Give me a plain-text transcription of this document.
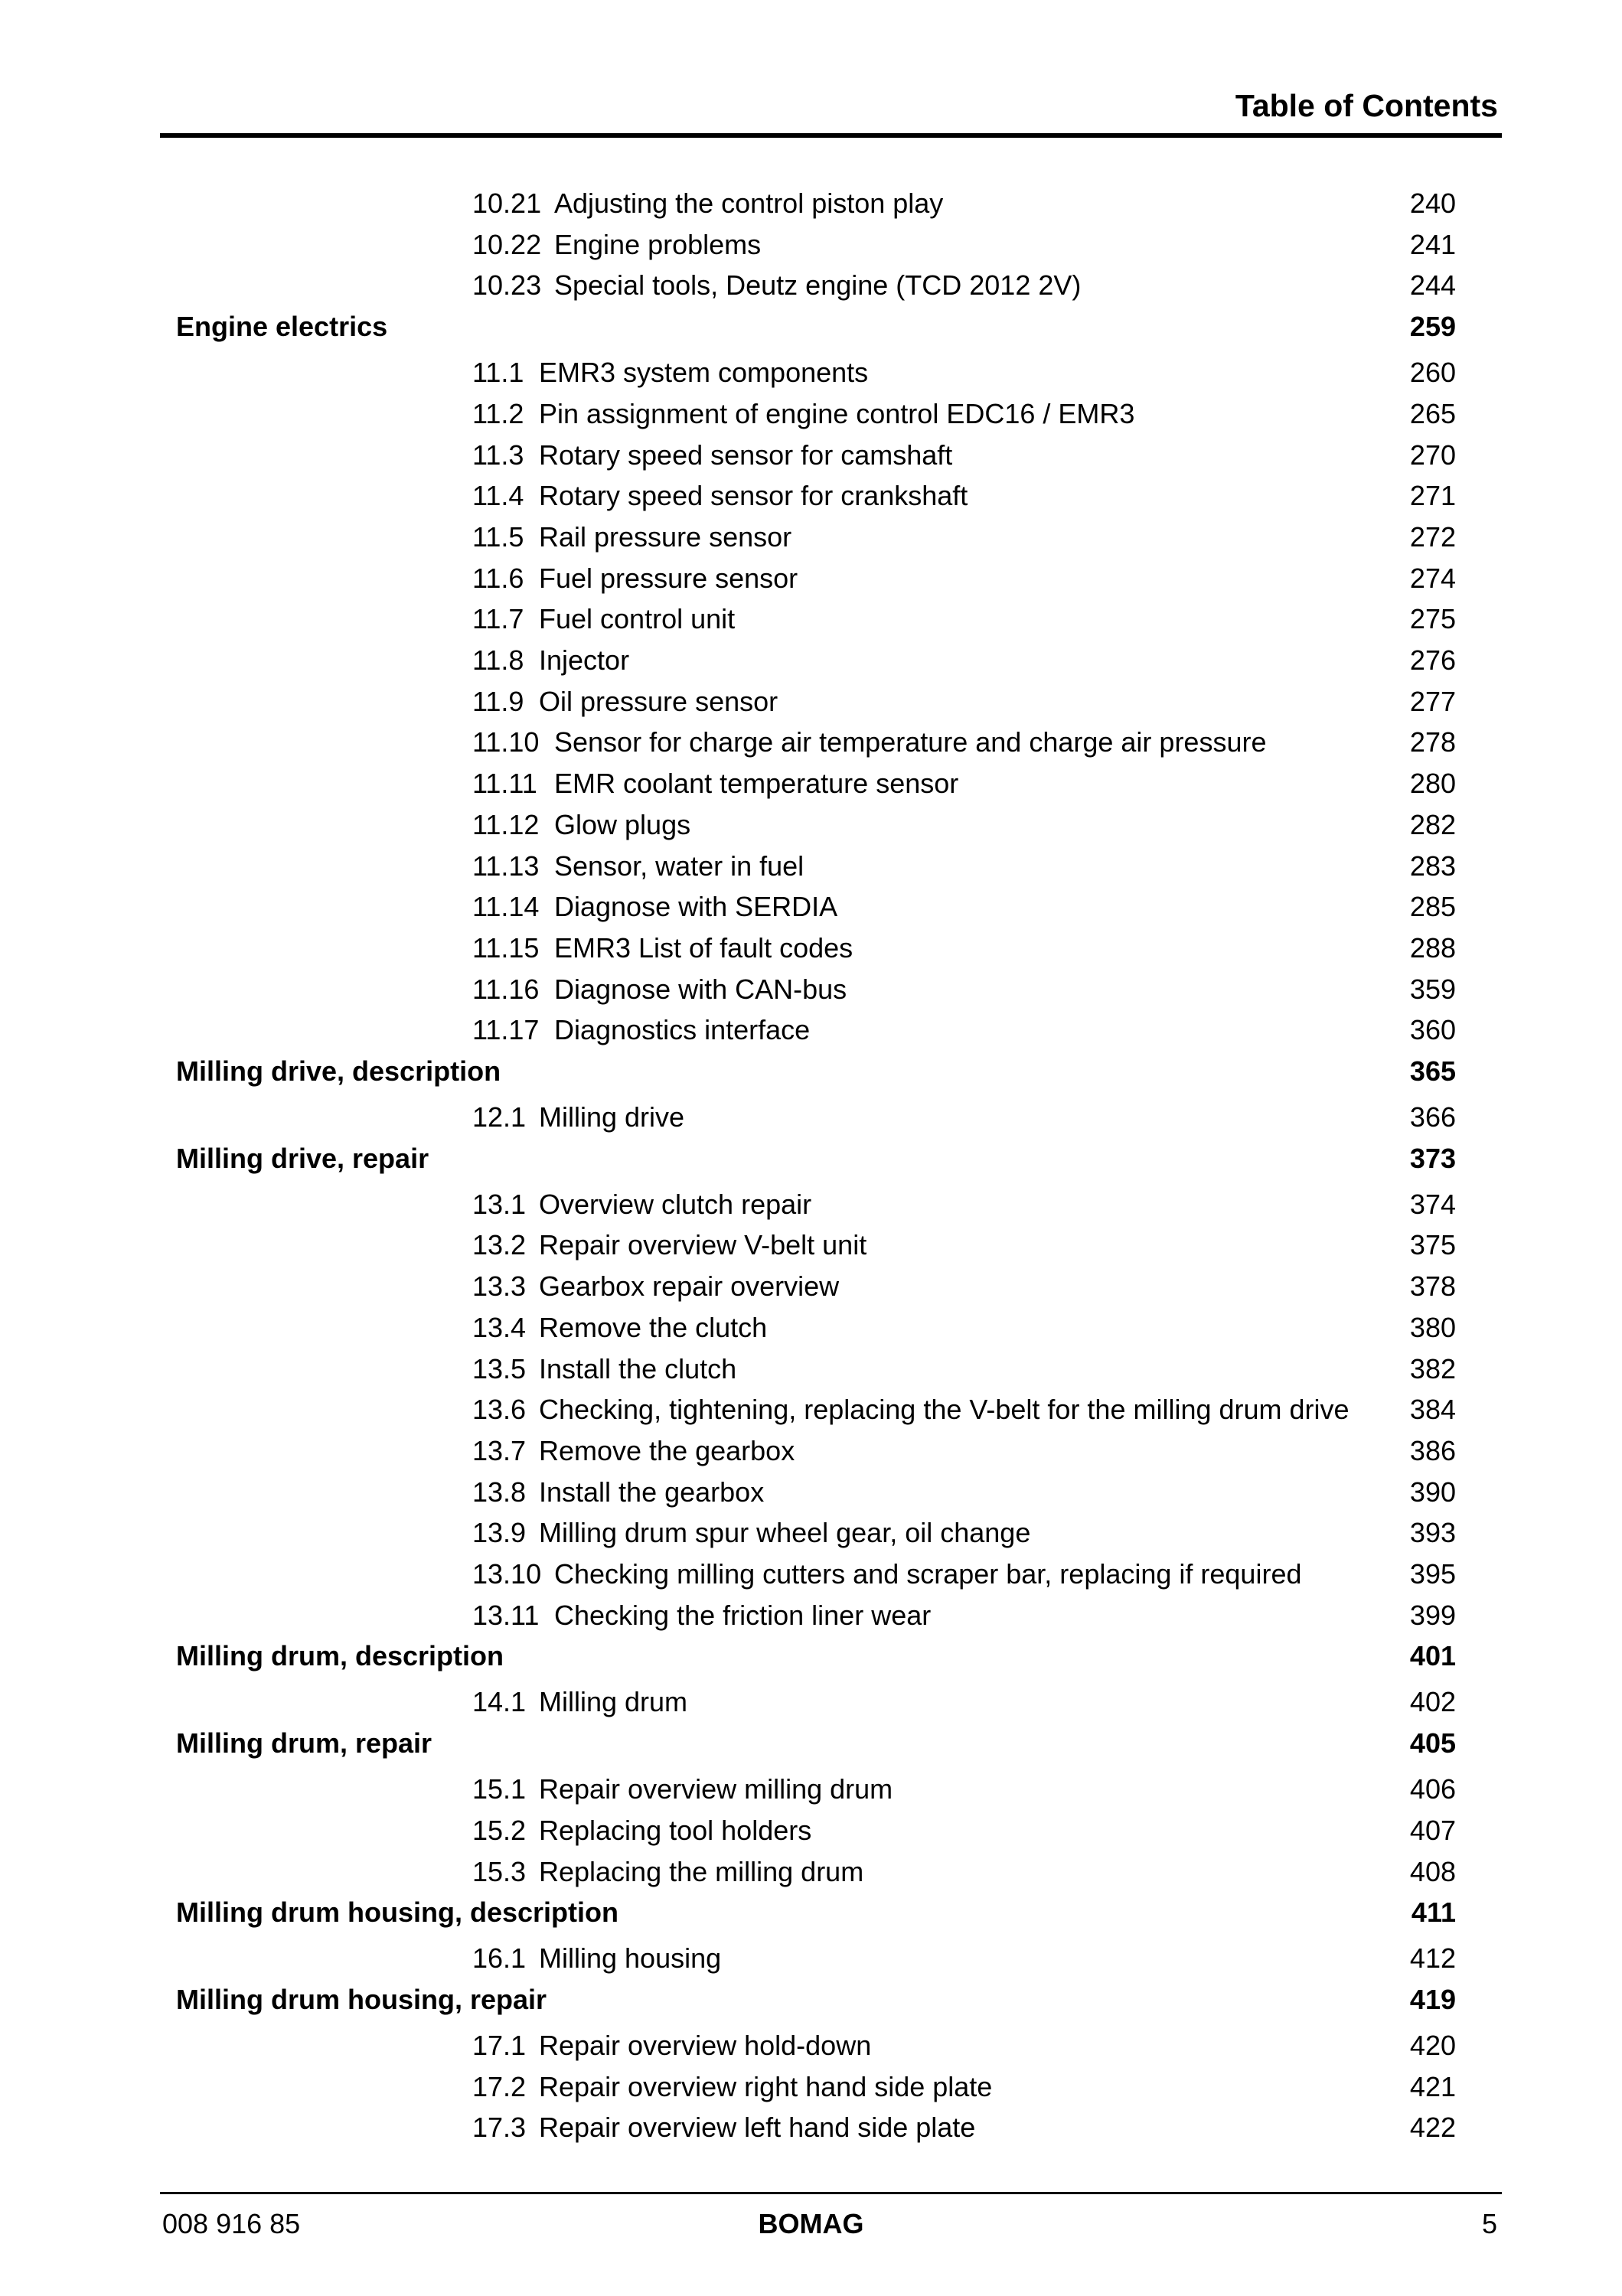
Table of Contents
10.21 Adjusting the control piston play	240
10.22 Engine problems	241
10.23 Special tools, Deutz engine (TCD 2012 2V)	244
Engine electrics	259
11.1 EMR3 system components	260
11.2 Pin assignment of engine control EDC16 / EMR3	265
11.3 Rotary speed sensor for camshaft	270
11.4 Rotary speed sensor for crankshaft	271
11.5 Rail pressure sensor	272
11.6 Fuel pressure sensor	274
11.7 Fuel control unit	275
11.8 Injector	276
11.9 Oil pressure sensor	277
11.10 Sensor for charge air temperature and charge air pressure	278
11.11 EMR coolant temperature sensor	280
11.12 Glow plugs	282
11.13 Sensor, water in fuel	283
11.14 Diagnose with SERDIA	285
11.15 EMR3 List of fault codes	288
11.16 Diagnose with CAN-bus	359
11.17 Diagnostics interface	360
Milling drive, description	365
12.1 Milling drive	366
Milling drive, repair	373
13.1 Overview clutch repair	374
13.2 Repair overview V-belt unit	375
13.3 Gearbox repair overview	378
13.4 Remove the clutch	380
13.5 Install the clutch	382
13.6 Checking, tightening, replacing the V-belt for the milling drum drive 384
13.7 Remove the gearbox	386
13.8 Install the gearbox	390
13.9 Milling drum spur wheel gear, oil change	393
13.10 Checking milling cutters and scraper bar, replacing if required	395
13.11 Checking the friction liner wear	399
Milling drum, description	401
14.1 Milling drum	402
Milling drum, repair	405
15.1 Repair overview milling drum	406
15.2 Replacing tool holders	407
15.3 Replacing the milling drum	408
Milling drum housing, description	411
16.1 Milling housing	412
Milling drum housing, repair	419
17.1 Repair overview hold-down	420
17.2 Repair overview right hand side plate	421
17.3 Repair overview left hand side plate	422
008 916 85	BOMAG	5
